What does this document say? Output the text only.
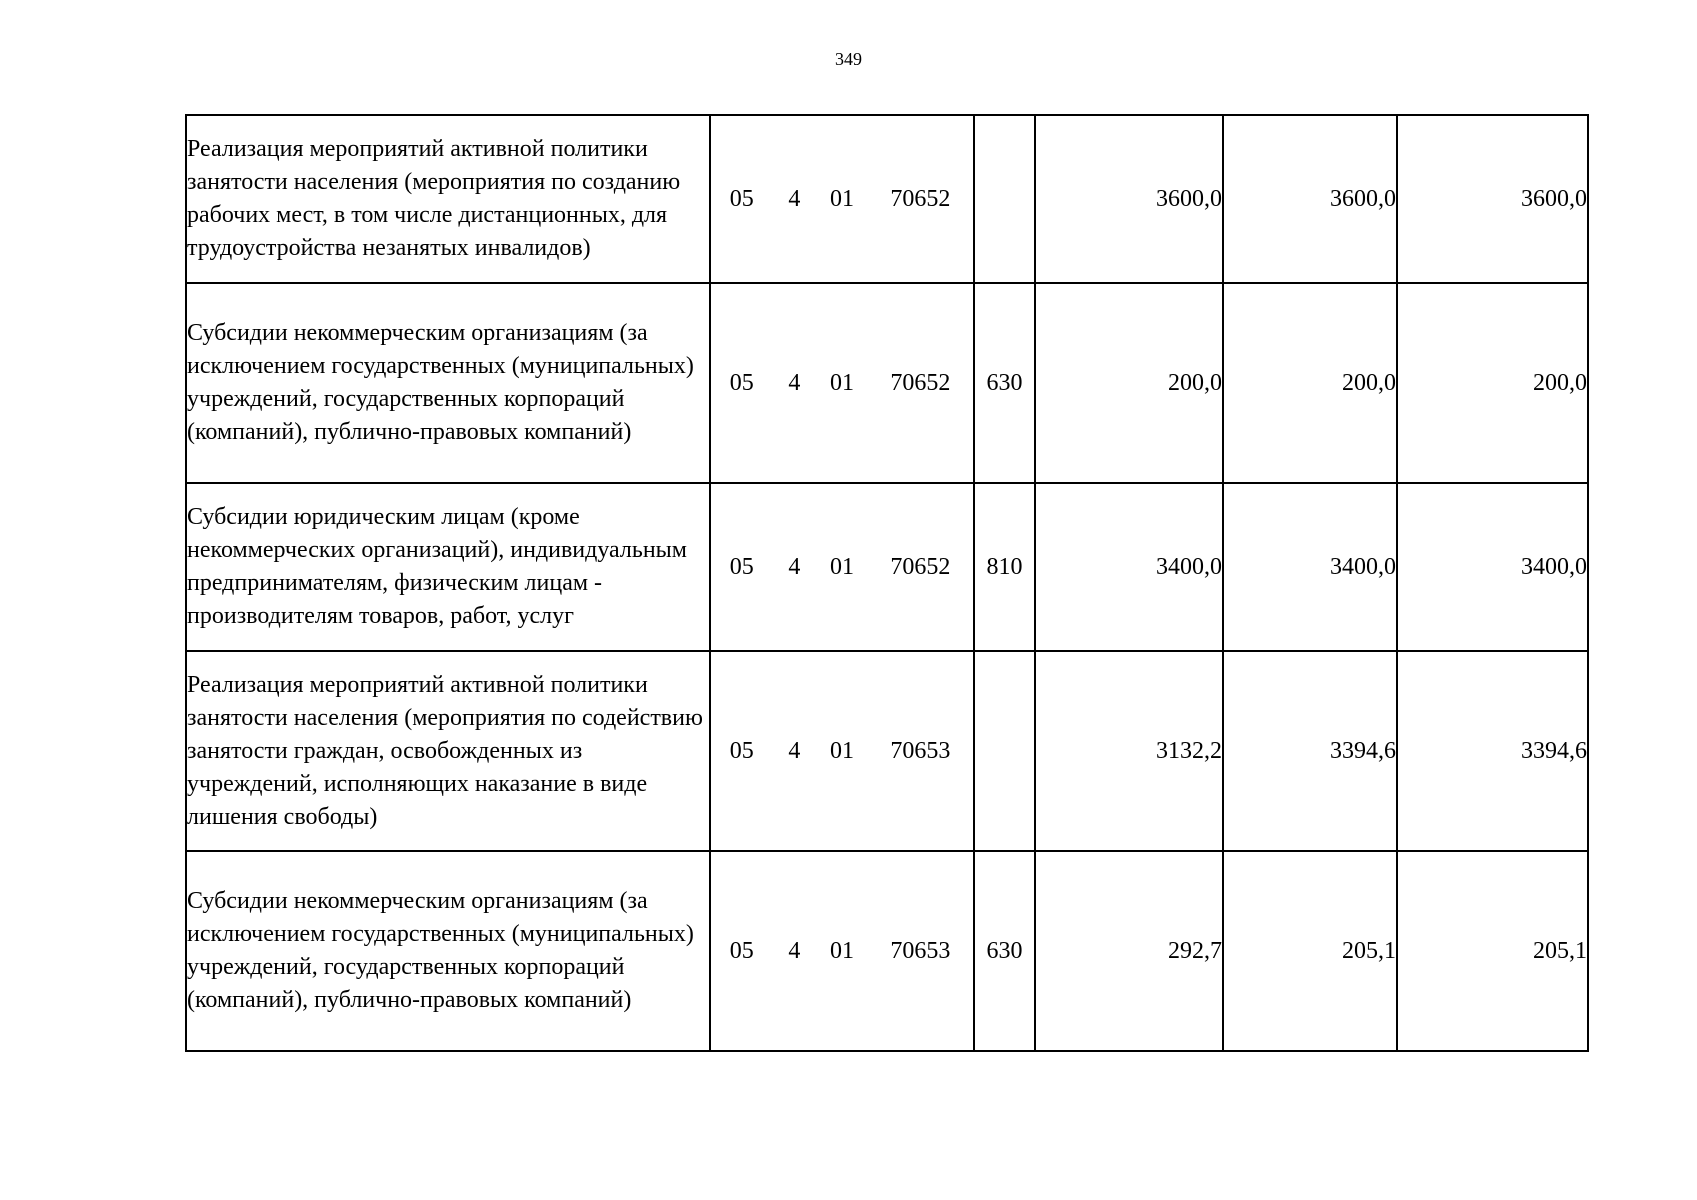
349
Реализация мероприятий активной политики занятости населения (мероприятия по созданию рабочих мест, в том числе дистанционных, для трудоустройства незанятых инвалидов)	05 4 01 70652		3600,0	3600,0	3600,0
Субсидии некоммерческим организациям (за исключением государственных (муниципальных) учреждений, государственных корпораций (компаний), публично-правовых компаний)	05 4 01 70652	630	200,0	200,0	200,0
Субсидии юридическим лицам (кроме некоммерческих организаций), индивидуальным предпринимателям, физическим лицам - производителям товаров, работ, услуг	05 4 01 70652	810	3400,0	3400,0	3400,0
Реализация мероприятий активной политики занятости населения (мероприятия по содействию занятости граждан, освобожденных из учреждений, исполняющих наказание в виде лишения свободы)	05 4 01 70653		3132,2	3394,6	3394,6
Субсидии некоммерческим организациям (за исключением государственных (муниципальных) учреждений, государственных корпораций (компаний), публично-правовых компаний)	05 4 01 70653	630	292,7	205,1	205,1
